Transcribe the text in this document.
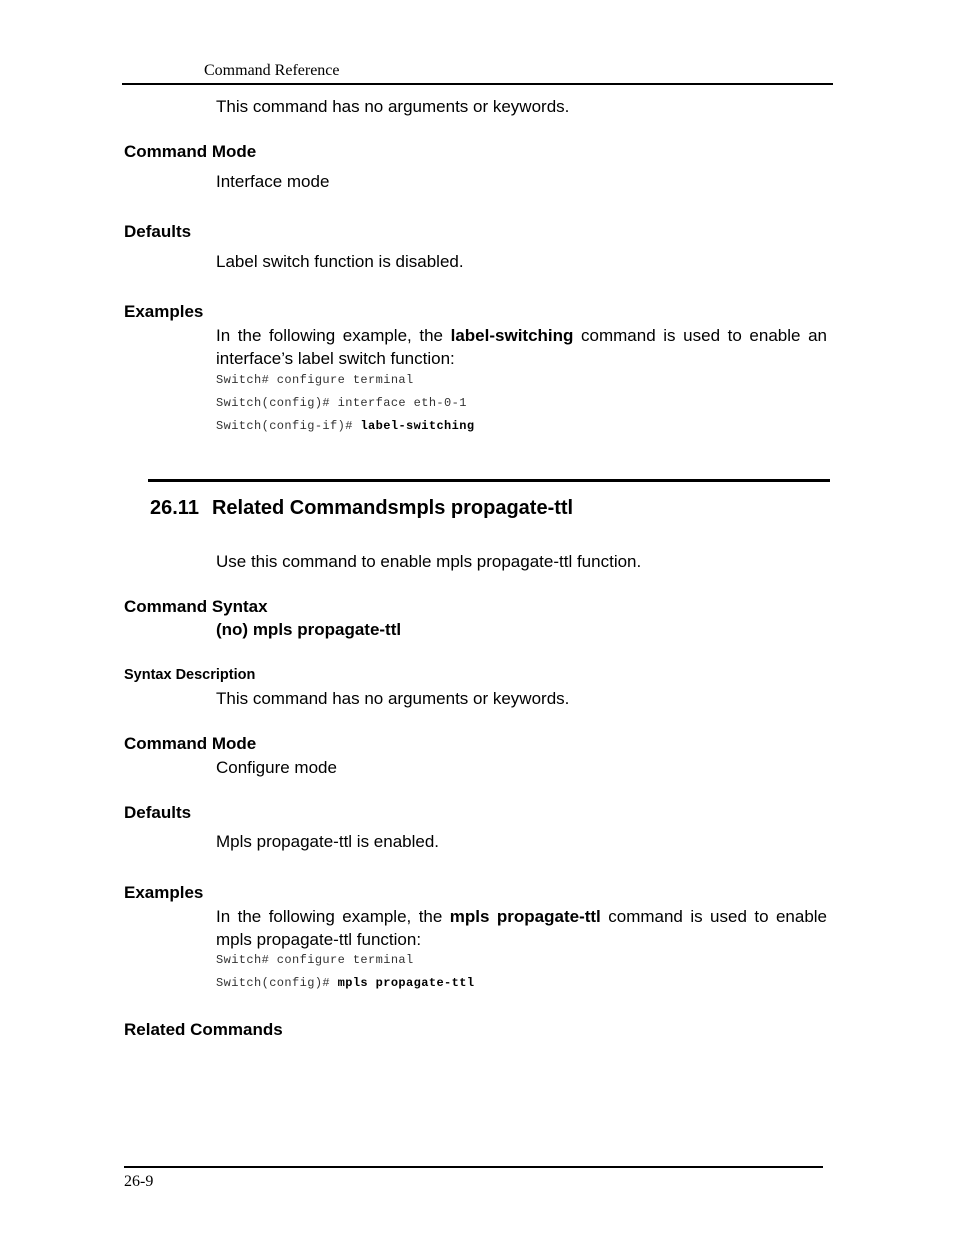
Command Reference
This command has no arguments or keywords.
Command Mode
Interface mode
Defaults
Label switch function is disabled.
Examples
In the following example, the label-switching command is used to enable an interface’s label switch function:
Switch# configure terminal
Switch(config)# interface eth-0-1
Switch(config-if)# label-switching
26.11 Related Commandsmpls propagate-ttl
Use this command to enable mpls propagate-ttl function.
Command Syntax
(no) mpls propagate-ttl
Syntax Description
This command has no arguments or keywords.
Command Mode
Configure mode
Defaults
Mpls propagate-ttl is enabled.
Examples
In the following example, the mpls propagate-ttl command is used to enable mpls propagate-ttl function:
Switch# configure terminal
Switch(config)# mpls propagate-ttl
Related Commands
26-9
